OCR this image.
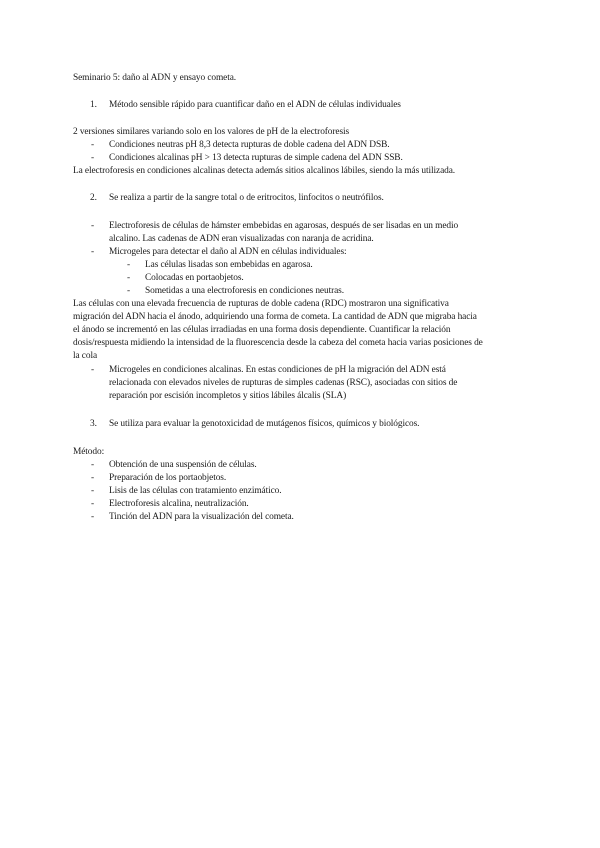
Seminario 5: daño al ADN y ensayo cometa.
1. Método sensible rápido para cuantificar daño en el ADN de células individuales
2 versiones similares variando solo en los valores de pH de la electroforesis
- Condiciones neutras pH 8,3 detecta rupturas de doble cadena del ADN DSB.
- Condiciones alcalinas pH > 13 detecta rupturas de simple cadena del ADN SSB.
La electroforesis en condiciones alcalinas detecta además sitios alcalinos lábiles, siendo la más utilizada.
2. Se realiza a partir de la sangre total o de eritrocitos, linfocitos o neutrófilos.
- Electroforesis de células de hámster embebidas en agarosas, después de ser lisadas en un medio
alcalino. Las cadenas de ADN eran visualizadas con naranja de acridina.
- Microgeles para detectar el daño al ADN en células individuales:
- Las células lisadas son embebidas en agarosa.
- Colocadas en portaobjetos.
- Sometidas a una electroforesis en condiciones neutras.
Las células con una elevada frecuencia de rupturas de doble cadena (RDC) mostraron una significativa
migración del ADN hacia el ánodo, adquiriendo una forma de cometa. La cantidad de ADN que migraba hacia
el ánodo se incrementó en las células irradiadas en una forma dosis dependiente. Cuantificar la relación
dosis/respuesta midiendo la intensidad de la fluorescencia desde la cabeza del cometa hacia varias posiciones de
la cola
- Microgeles en condiciones alcalinas. En estas condiciones de pH la migración del ADN está
relacionada con elevados niveles de rupturas de simples cadenas (RSC), asociadas con sitios de
reparación por escisión incompletos y sitios lábiles álcalis (SLA)
3. Se utiliza para evaluar la genotoxicidad de mutágenos físicos, químicos y biológicos.
Método:
- Obtención de una suspensión de células.
- Preparación de los portaobjetos.
- Lisis de las células con tratamiento enzimático.
- Electroforesis alcalina, neutralización.
- Tinción del ADN para la visualización del cometa.
